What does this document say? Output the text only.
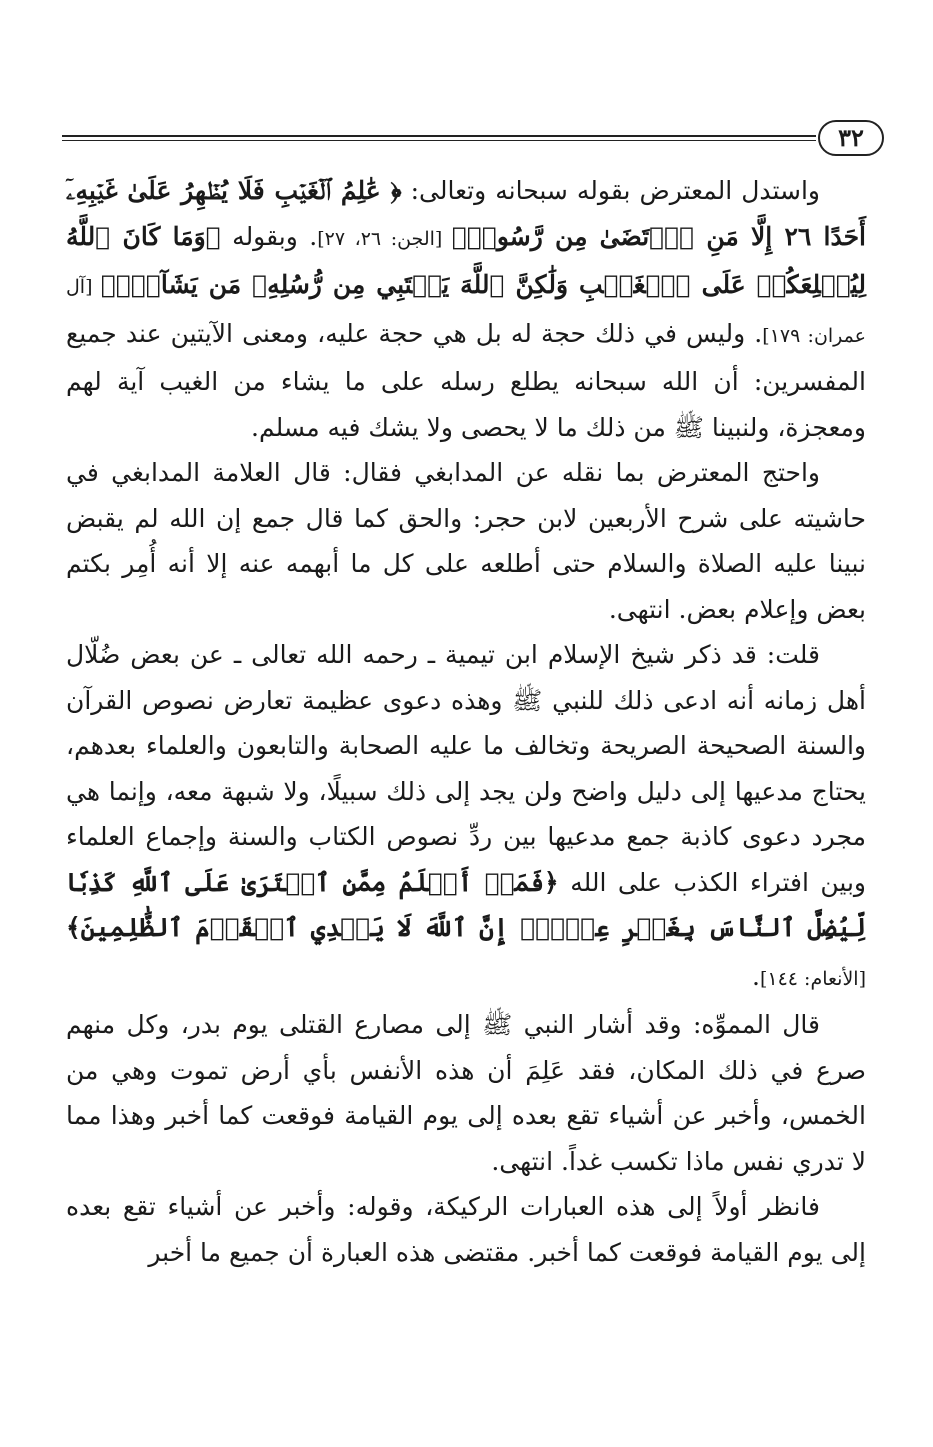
٣٢

واستدل المعترض بقوله سبحانه وتعالى: ﴿ عَٰلِمُ ٱلۡغَيۡبِ فَلَا يُظۡهِرُ عَلَىٰ غَيۡبِهِۦٓ أَحَدًا ٢٦ إِلَّا مَنِ ٱرۡتَضَىٰ مِن رَّسُولٖ﴾ [الجن: ٢٦، ٢٧]. وبقوله ﴿وَمَا كَانَ ٱللَّهُ لِيُطۡلِعَكُمۡ عَلَى ٱلۡغَيۡبِ وَلَٰكِنَّ ٱللَّهَ يَجۡتَبِي مِن رُّسُلِهِۦ مَن يَشَآءُۖ﴾ [آل عمران: ١٧٩]. وليس في ذلك حجة له بل هي حجة عليه، ومعنى الآيتين عند جميع المفسرين: أن الله سبحانه يطلع رسله على ما يشاء من الغيب آية لهم ومعجزة، ولنبينا ﷺ من ذلك ما لا يحصى ولا يشك فيه مسلم.

واحتج المعترض بما نقله عن المدابغي فقال: قال العلامة المدابغي في حاشيته على شرح الأربعين لابن حجر: والحق كما قال جمع إن الله لم يقبض نبينا عليه الصلاة والسلام حتى أطلعه على كل ما أبهمه عنه إلا أنه أُمِر بكتم بعض وإعلام بعض. انتهى.

قلت: قد ذكر شيخ الإسلام ابن تيمية ـ رحمه الله تعالى ـ عن بعض ضُلّال أهل زمانه أنه ادعى ذلك للنبي ﷺ وهذه دعوى عظيمة تعارض نصوص القرآن والسنة الصحيحة الصريحة وتخالف ما عليه الصحابة والتابعون والعلماء بعدهم، يحتاج مدعيها إلى دليل واضح ولن يجد إلى ذلك سبيلًا، ولا شبهة معه، وإنما هي مجرد دعوى كاذبة جمع مدعيها بين ردِّ نصوص الكتاب والسنة وإجماع العلماء وبين افتراء الكذب على الله ﴿فَمَنۡ أَظۡلَمُ مِمَّنِ ٱفۡتَرَىٰ عَلَى ٱللَّهِ كَذِبٗا لِّيُضِلَّ ٱلنَّاسَ بِغَيۡرِ عِلۡمٍۚ إِنَّ ٱللَّهَ لَا يَهۡدِي ٱلۡقَوۡمَ ٱلظَّٰلِمِينَ﴾ [الأنعام: ١٤٤].

قال المموِّه: وقد أشار النبي ﷺ إلى مصارع القتلى يوم بدر، وكل منهم صرع في ذلك المكان، فقد عَلِمَ أن هذه الأنفس بأي أرض تموت وهي من الخمس، وأخبر عن أشياء تقع بعده إلى يوم القيامة فوقعت كما أخبر وهذا مما لا تدري نفس ماذا تكسب غداً. انتهى.

فانظر أولاً إلى هذه العبارات الركيكة، وقوله: وأخبر عن أشياء تقع بعده إلى يوم القيامة فوقعت كما أخبر. مقتضى هذه العبارة أن جميع ما أخبر
